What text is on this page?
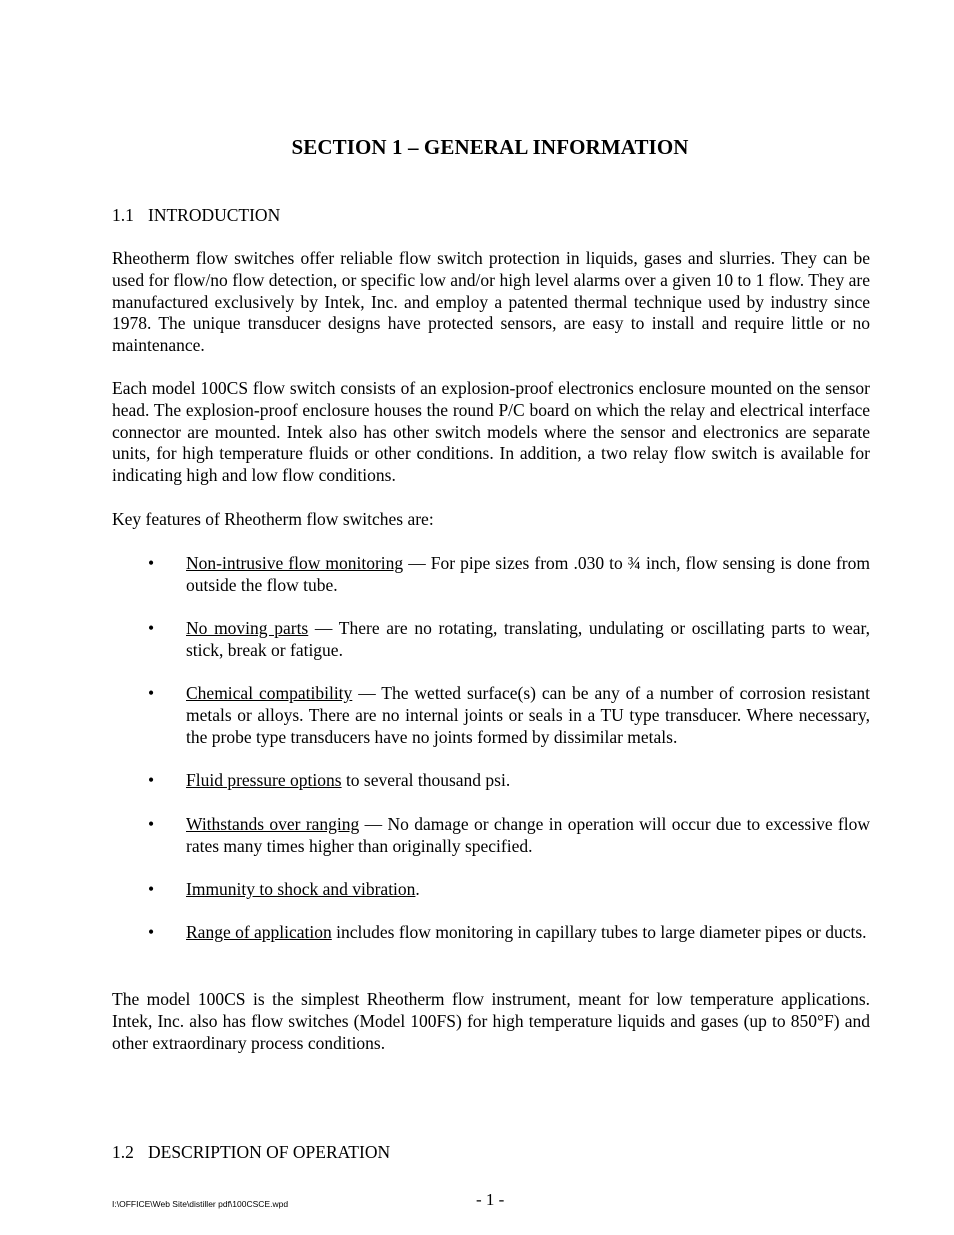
SECTION 1 – GENERAL INFORMATION
1.1 INTRODUCTION

Rheotherm flow switches offer reliable flow switch protection in liquids, gases and slurries. They can be used for flow/no flow detection, or specific low and/or high level alarms over a given 10 to 1 flow. They are manufactured exclusively by Intek, Inc. and employ a patented thermal technique used by industry since 1978. The unique transducer designs have protected sensors, are easy to install and require little or no maintenance.

Each model 100CS flow switch consists of an explosion-proof electronics enclosure mounted on the sensor head. The explosion-proof enclosure houses the round P/C board on which the relay and electrical interface connector are mounted. Intek also has other switch models where the sensor and electronics are separate units, for high temperature fluids or other conditions. In addition, a two relay flow switch is available for indicating high and low flow conditions.

Key features of Rheotherm flow switches are:

• Non-intrusive flow monitoring — For pipe sizes from .030 to ¾ inch, flow sensing is done from outside the flow tube.
• No moving parts — There are no rotating, translating, undulating or oscillating parts to wear, stick, break or fatigue.
• Chemical compatibility — The wetted surface(s) can be any of a number of corrosion resistant metals or alloys. There are no internal joints or seals in a TU type transducer. Where necessary, the probe type transducers have no joints formed by dissimilar metals.
• Fluid pressure options to several thousand psi.
• Withstands over ranging — No damage or change in operation will occur due to excessive flow rates many times higher than originally specified.
• Immunity to shock and vibration.
• Range of application includes flow monitoring in capillary tubes to large diameter pipes or ducts.

The model 100CS is the simplest Rheotherm flow instrument, meant for low temperature applications. Intek, Inc. also has flow switches (Model 100FS) for high temperature liquids and gases (up to 850°F) and other extraordinary process conditions.

1.2 DESCRIPTION OF OPERATION
I:\OFFICE\Web Site\distiller pdf\100CSCE.wpd	- 1 -
